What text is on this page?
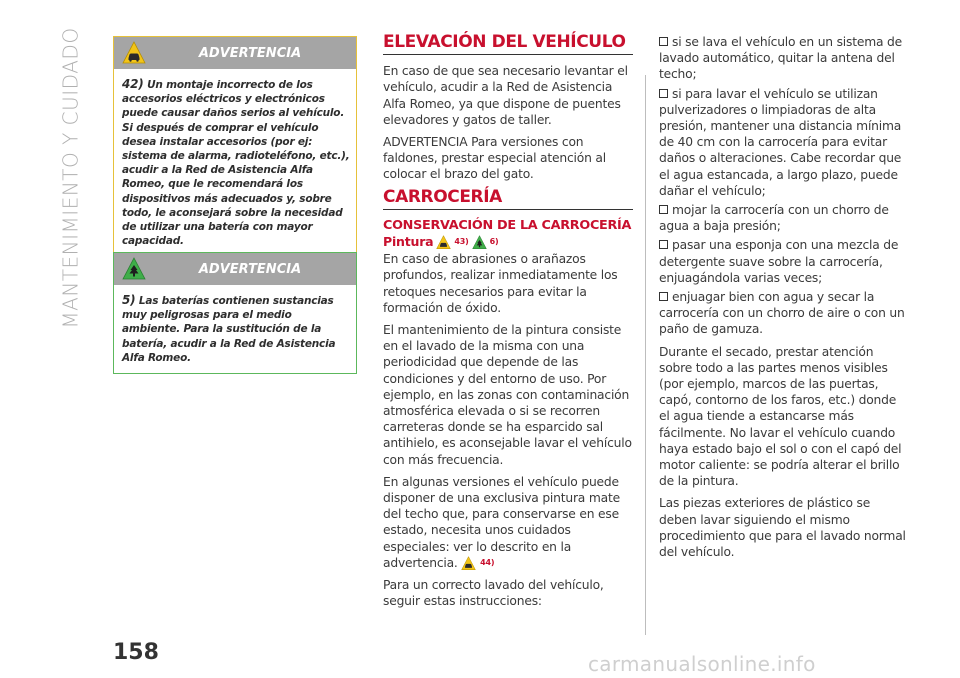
MANTENIMIENTO Y CUIDADO	ADVERTENCIA
42) Un montaje incorrecto de los accesorios eléctricos y electrónicos puede causar daños serios al vehículo. Si después de comprar el vehículo desea instalar accesorios (por ej: sistema de alarma, radioteléfono, etc.), acudir a la Red de Asistencia Alfa Romeo, que le recomendará los dispositivos más adecuados y, sobre todo, le aconsejará sobre la necesidad de utilizar una batería con mayor capacidad.
ADVERTENCIA
5) Las baterías contienen sustancias muy peligrosas para el medio ambiente. Para la sustitución de la batería, acudir a la Red de Asistencia Alfa Romeo.
ELEVACIÓN DEL VEHÍCULO

En caso de que sea necesario levantar el vehículo, acudir a la Red de Asistencia Alfa Romeo, ya que dispone de puentes elevadores y gatos de taller.

ADVERTENCIA Para versiones con faldones, prestar especial atención al colocar el brazo del gato.

CARROCERÍA
CONSERVACIÓN DE LA CARROCERÍA
Pintura	43)	6)

En caso de abrasiones o arañazos profundos, realizar inmediatamente los retoques necesarios para evitar la formación de óxido.

El mantenimiento de la pintura consiste en el lavado de la misma con una periodicidad que depende de las condiciones y del entorno de uso. Por ejemplo, en las zonas con contaminación atmosférica elevada o si se recorren carreteras donde se ha esparcido sal antihielo, es aconsejable lavar el vehículo con más frecuencia.

En algunas versiones el vehículo puede disponer de una exclusiva pintura mate del techo que, para conservarse en ese estado, necesita unos cuidados especiales: ver lo descrito en la advertencia.	44)

Para un correcto lavado del vehículo, seguir estas instrucciones:

si se lava el vehículo en un sistema de lavado automático, quitar la antena del techo;
si para lavar el vehículo se utilizan pulverizadores o limpiadoras de alta presión, mantener una distancia mínima de 40 cm con la carrocería para evitar daños o alteraciones. Cabe recordar que el agua estancada, a largo plazo, puede dañar el vehículo;
mojar la carrocería con un chorro de agua a baja presión;
pasar una esponja con una mezcla de detergente suave sobre la carrocería, enjuagándola varias veces;
enjuagar bien con agua y secar la carrocería con un chorro de aire o con un paño de gamuza.

Durante el secado, prestar atención sobre todo a las partes menos visibles (por ejemplo, marcos de las puertas, capó, contorno de los faros, etc.) donde el agua tiende a estancarse más fácilmente. No lavar el vehículo cuando haya estado bajo el sol o con el capó del motor caliente: se podría alterar el brillo de la pintura.

Las piezas exteriores de plástico se deben lavar siguiendo el mismo procedimiento que para el lavado normal del vehículo.

158	carmanualsonline.info
